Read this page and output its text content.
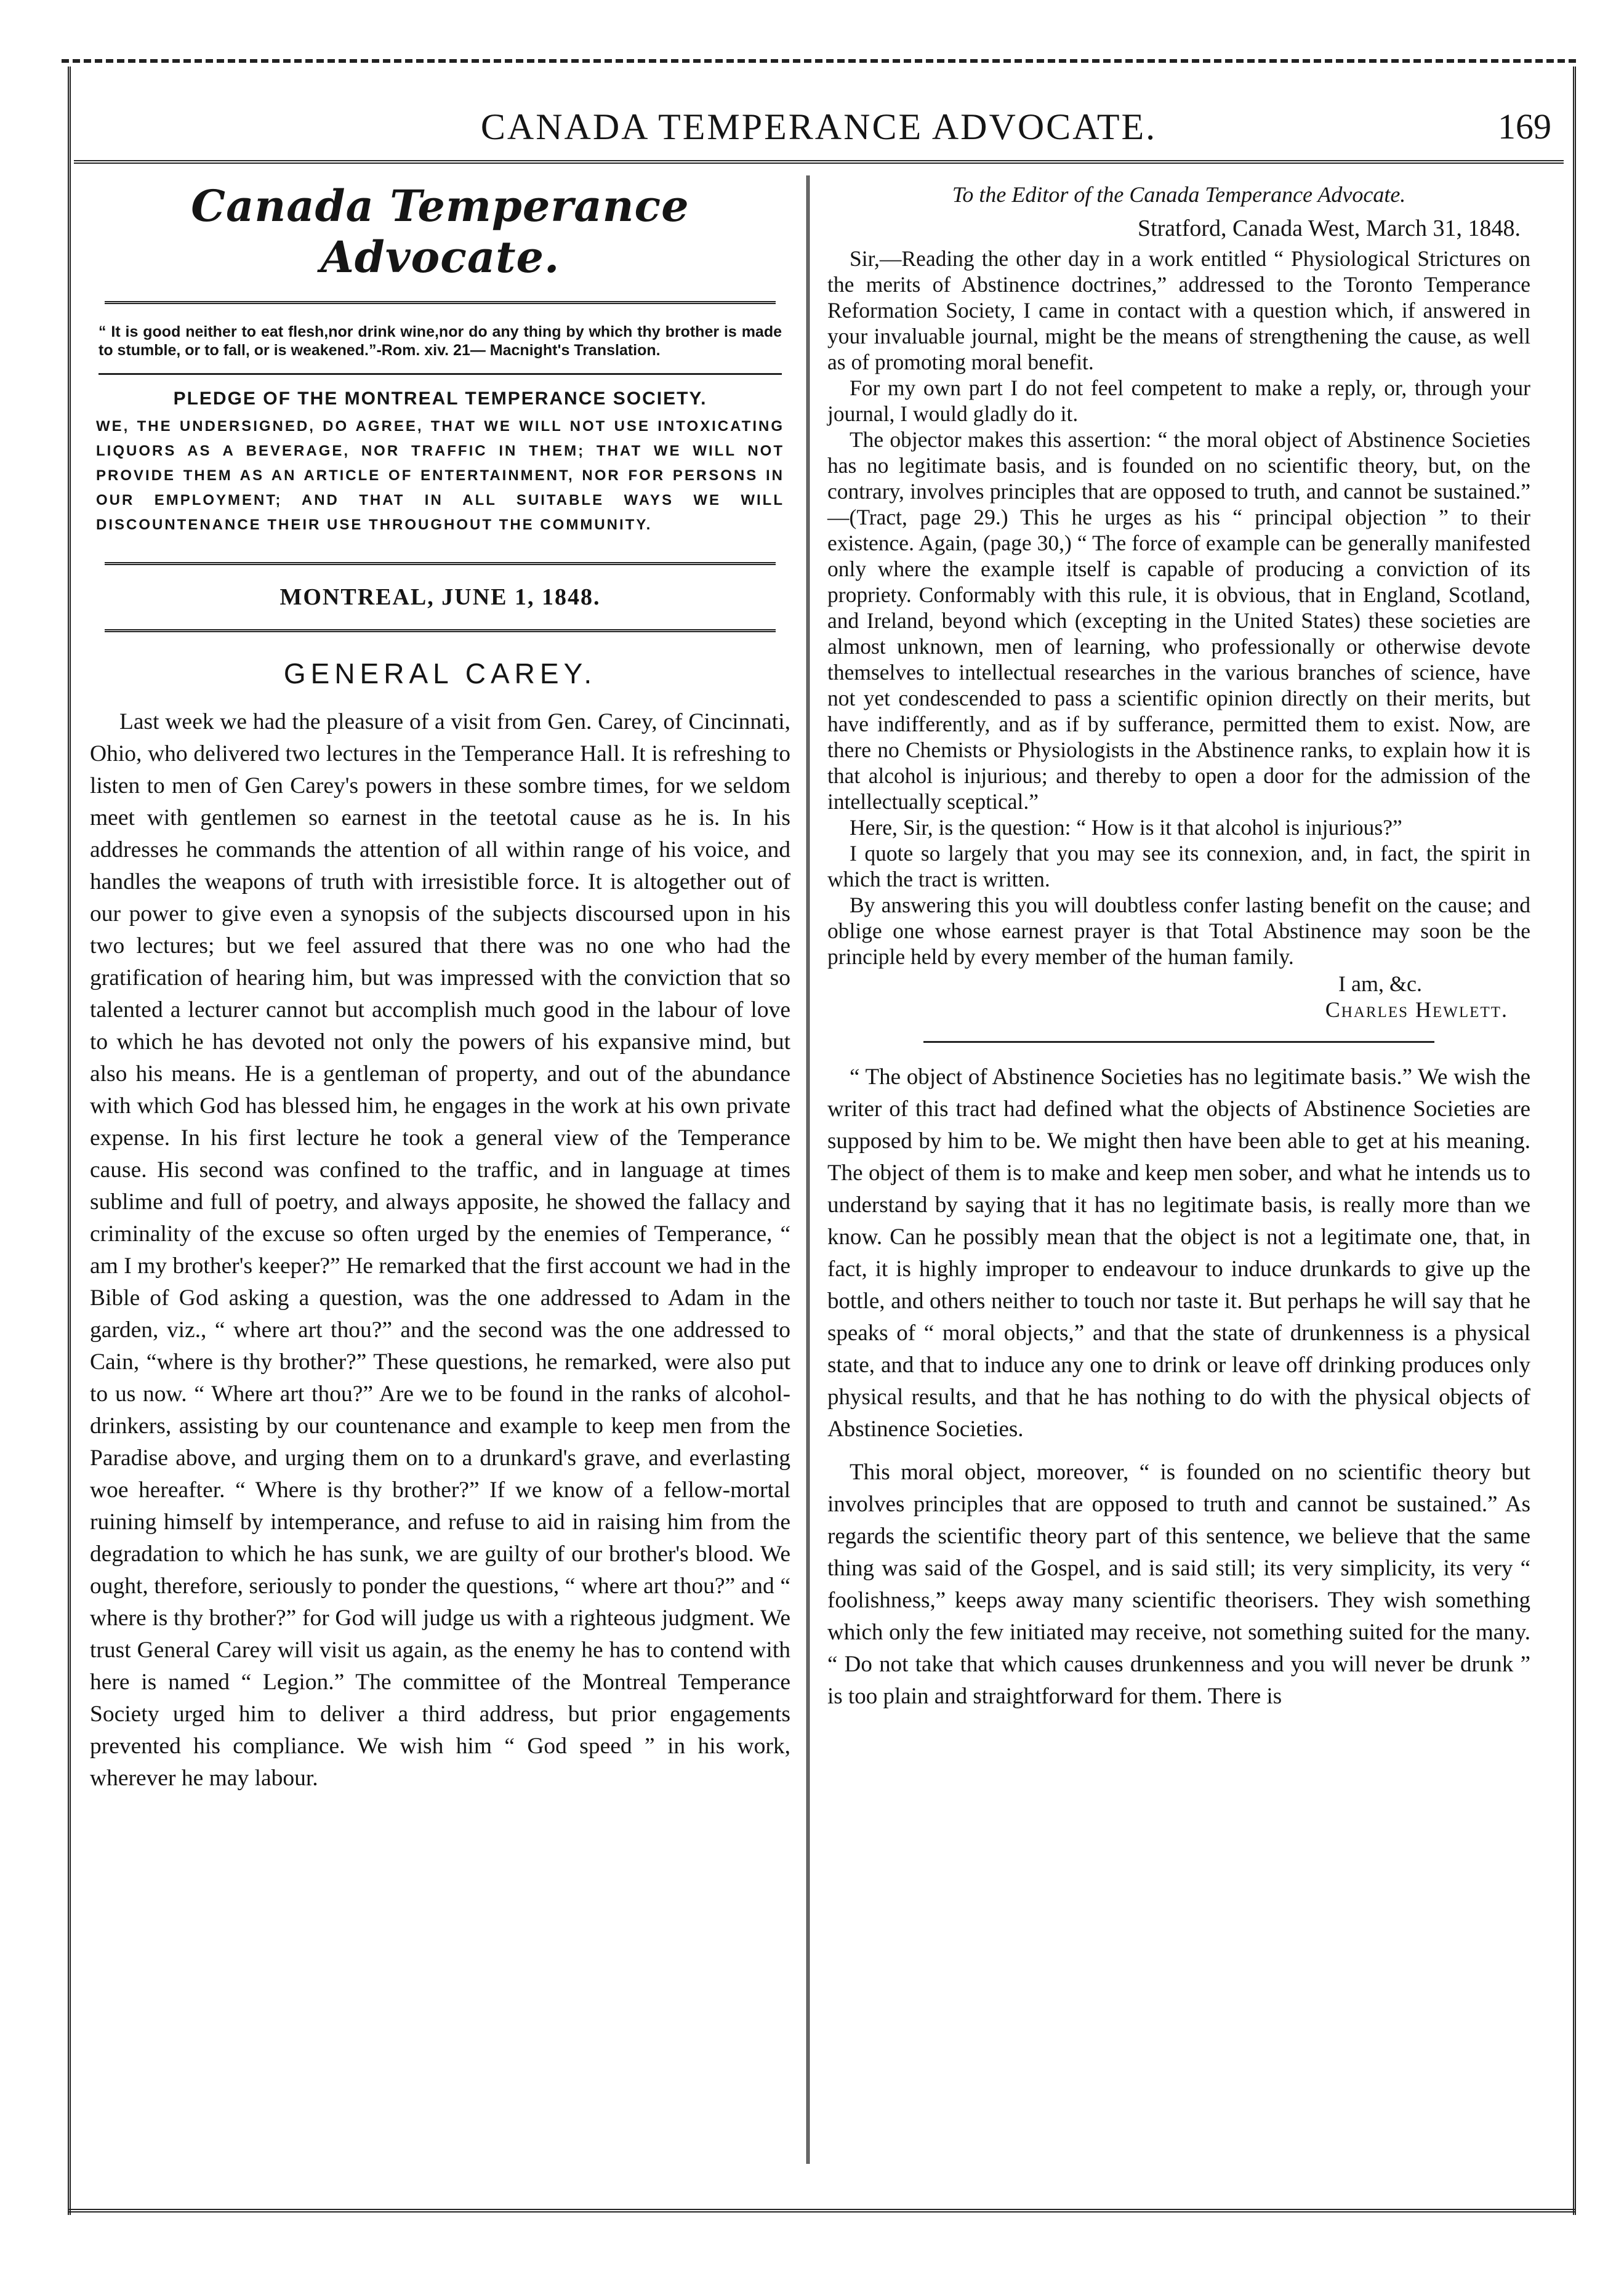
CANADA TEMPERANCE ADVOCATE.	169
Canada Temperance Advocate.
“ It is good neither to eat flesh,nor drink wine,nor do any thing by which thy brother is made to stumble, or to fall, or is weakened.”-Rom. xiv. 21— Macnight's Translation.
PLEDGE OF THE MONTREAL TEMPERANCE SOCIETY.
WE, THE UNDERSIGNED, DO AGREE, THAT WE WILL NOT USE INTOXICATING LIQUORS AS A BEVERAGE, NOR TRAFFIC IN THEM; THAT WE WILL NOT PROVIDE THEM AS AN ARTICLE OF ENTERTAINMENT, NOR FOR PERSONS IN OUR EMPLOYMENT; AND THAT IN ALL SUITABLE WAYS WE WILL DISCOUNTENANCE THEIR USE THROUGHOUT THE COMMUNITY.
MONTREAL, JUNE 1, 1848.
GENERAL CAREY.

Last week we had the pleasure of a visit from Gen. Carey, of Cincinnati, Ohio, who delivered two lectures in the Temperance Hall. It is refreshing to listen to men of Gen Carey's powers in these sombre times, for we seldom meet with gentlemen so earnest in the teetotal cause as he is. In his addresses he commands the attention of all within range of his voice, and handles the weapons of truth with irresistible force. It is altogether out of our power to give even a synopsis of the subjects discoursed upon in his two lectures; but we feel assured that there was no one who had the gratification of hearing him, but was impressed with the conviction that so talented a lecturer cannot but accomplish much good in the labour of love to which he has devoted not only the powers of his expansive mind, but also his means. He is a gentleman of property, and out of the abundance with which God has blessed him, he engages in the work at his own private expense. In his first lecture he took a general view of the Temperance cause. His second was confined to the traffic, and in language at times sublime and full of poetry, and always apposite, he showed the fallacy and criminality of the excuse so often urged by the enemies of Temperance, “ am I my brother's keeper?” He remarked that the first account we had in the Bible of God asking a question, was the one addressed to Adam in the garden, viz., “ where art thou?” and the second was the one addressed to Cain, “where is thy brother?” These questions, he remarked, were also put to us now. “ Where art thou?” Are we to be found in the ranks of alcohol-drinkers, assisting by our countenance and example to keep men from the Paradise above, and urging them on to a drunkard's grave, and everlasting woe hereafter. “ Where is thy brother?” If we know of a fellow-mortal ruining himself by intemperance, and refuse to aid in raising him from the degradation to which he has sunk, we are guilty of our brother's blood. We ought, therefore, seriously to ponder the questions, “ where art thou?” and “ where is thy brother?” for God will judge us with a righteous judgment. We trust General Carey will visit us again, as the enemy he has to contend with here is named “ Legion.” The committee of the Montreal Temperance Society urged him to deliver a third address, but prior engagements prevented his compliance. We wish him “ God speed ” in his work, wherever he may labour.

To the Editor of the Canada Temperance Advocate.
Stratford, Canada West, March 31, 1848.

Sir,—Reading the other day in a work entitled “ Physiological Strictures on the merits of Abstinence doctrines,” addressed to the Toronto Temperance Reformation Society, I came in contact with a question which, if answered in your invaluable journal, might be the means of strengthening the cause, as well as of promoting moral benefit.

For my own part I do not feel competent to make a reply, or, through your journal, I would gladly do it.

The objector makes this assertion: “ the moral object of Abstinence Societies has no legitimate basis, and is founded on no scientific theory, but, on the contrary, involves principles that are opposed to truth, and cannot be sustained.” —(Tract, page 29.) This he urges as his “ principal objection ” to their existence. Again, (page 30,) “ The force of example can be generally manifested only where the example itself is capable of producing a conviction of its propriety. Conformably with this rule, it is obvious, that in England, Scotland, and Ireland, beyond which (excepting in the United States) these societies are almost unknown, men of learning, who professionally or otherwise devote themselves to intellectual researches in the various branches of science, have not yet condescended to pass a scientific opinion directly on their merits, but have indifferently, and as if by sufferance, permitted them to exist. Now, are there no Chemists or Physiologists in the Abstinence ranks, to explain how it is that alcohol is injurious; and thereby to open a door for the admission of the intellectually sceptical.”

Here, Sir, is the question: “ How is it that alcohol is injurious?”

I quote so largely that you may see its connexion, and, in fact, the spirit in which the tract is written.

By answering this you will doubtless confer lasting benefit on the cause; and oblige one whose earnest prayer is that Total Abstinence may soon be the principle held by every member of the human family.

I am, &c.
Charles Hewlett.

“ The object of Abstinence Societies has no legitimate basis.” We wish the writer of this tract had defined what the objects of Abstinence Societies are supposed by him to be. We might then have been able to get at his meaning. The object of them is to make and keep men sober, and what he intends us to understand by saying that it has no legitimate basis, is really more than we know. Can he possibly mean that the object is not a legitimate one, that, in fact, it is highly improper to endeavour to induce drunkards to give up the bottle, and others neither to touch nor taste it. But perhaps he will say that he speaks of “ moral objects,” and that the state of drunkenness is a physical state, and that to induce any one to drink or leave off drinking produces only physical results, and that he has nothing to do with the physical objects of Abstinence Societies.

This moral object, moreover, “ is founded on no scientific theory but involves principles that are opposed to truth and cannot be sustained.” As regards the scientific theory part of this sentence, we believe that the same thing was said of the Gospel, and is said still; its very simplicity, its very “ foolishness,” keeps away many scientific theorisers. They wish something which only the few initiated may receive, not something suited for the many. “ Do not take that which causes drunkenness and you will never be drunk ” is too plain and straightforward for them. There is
